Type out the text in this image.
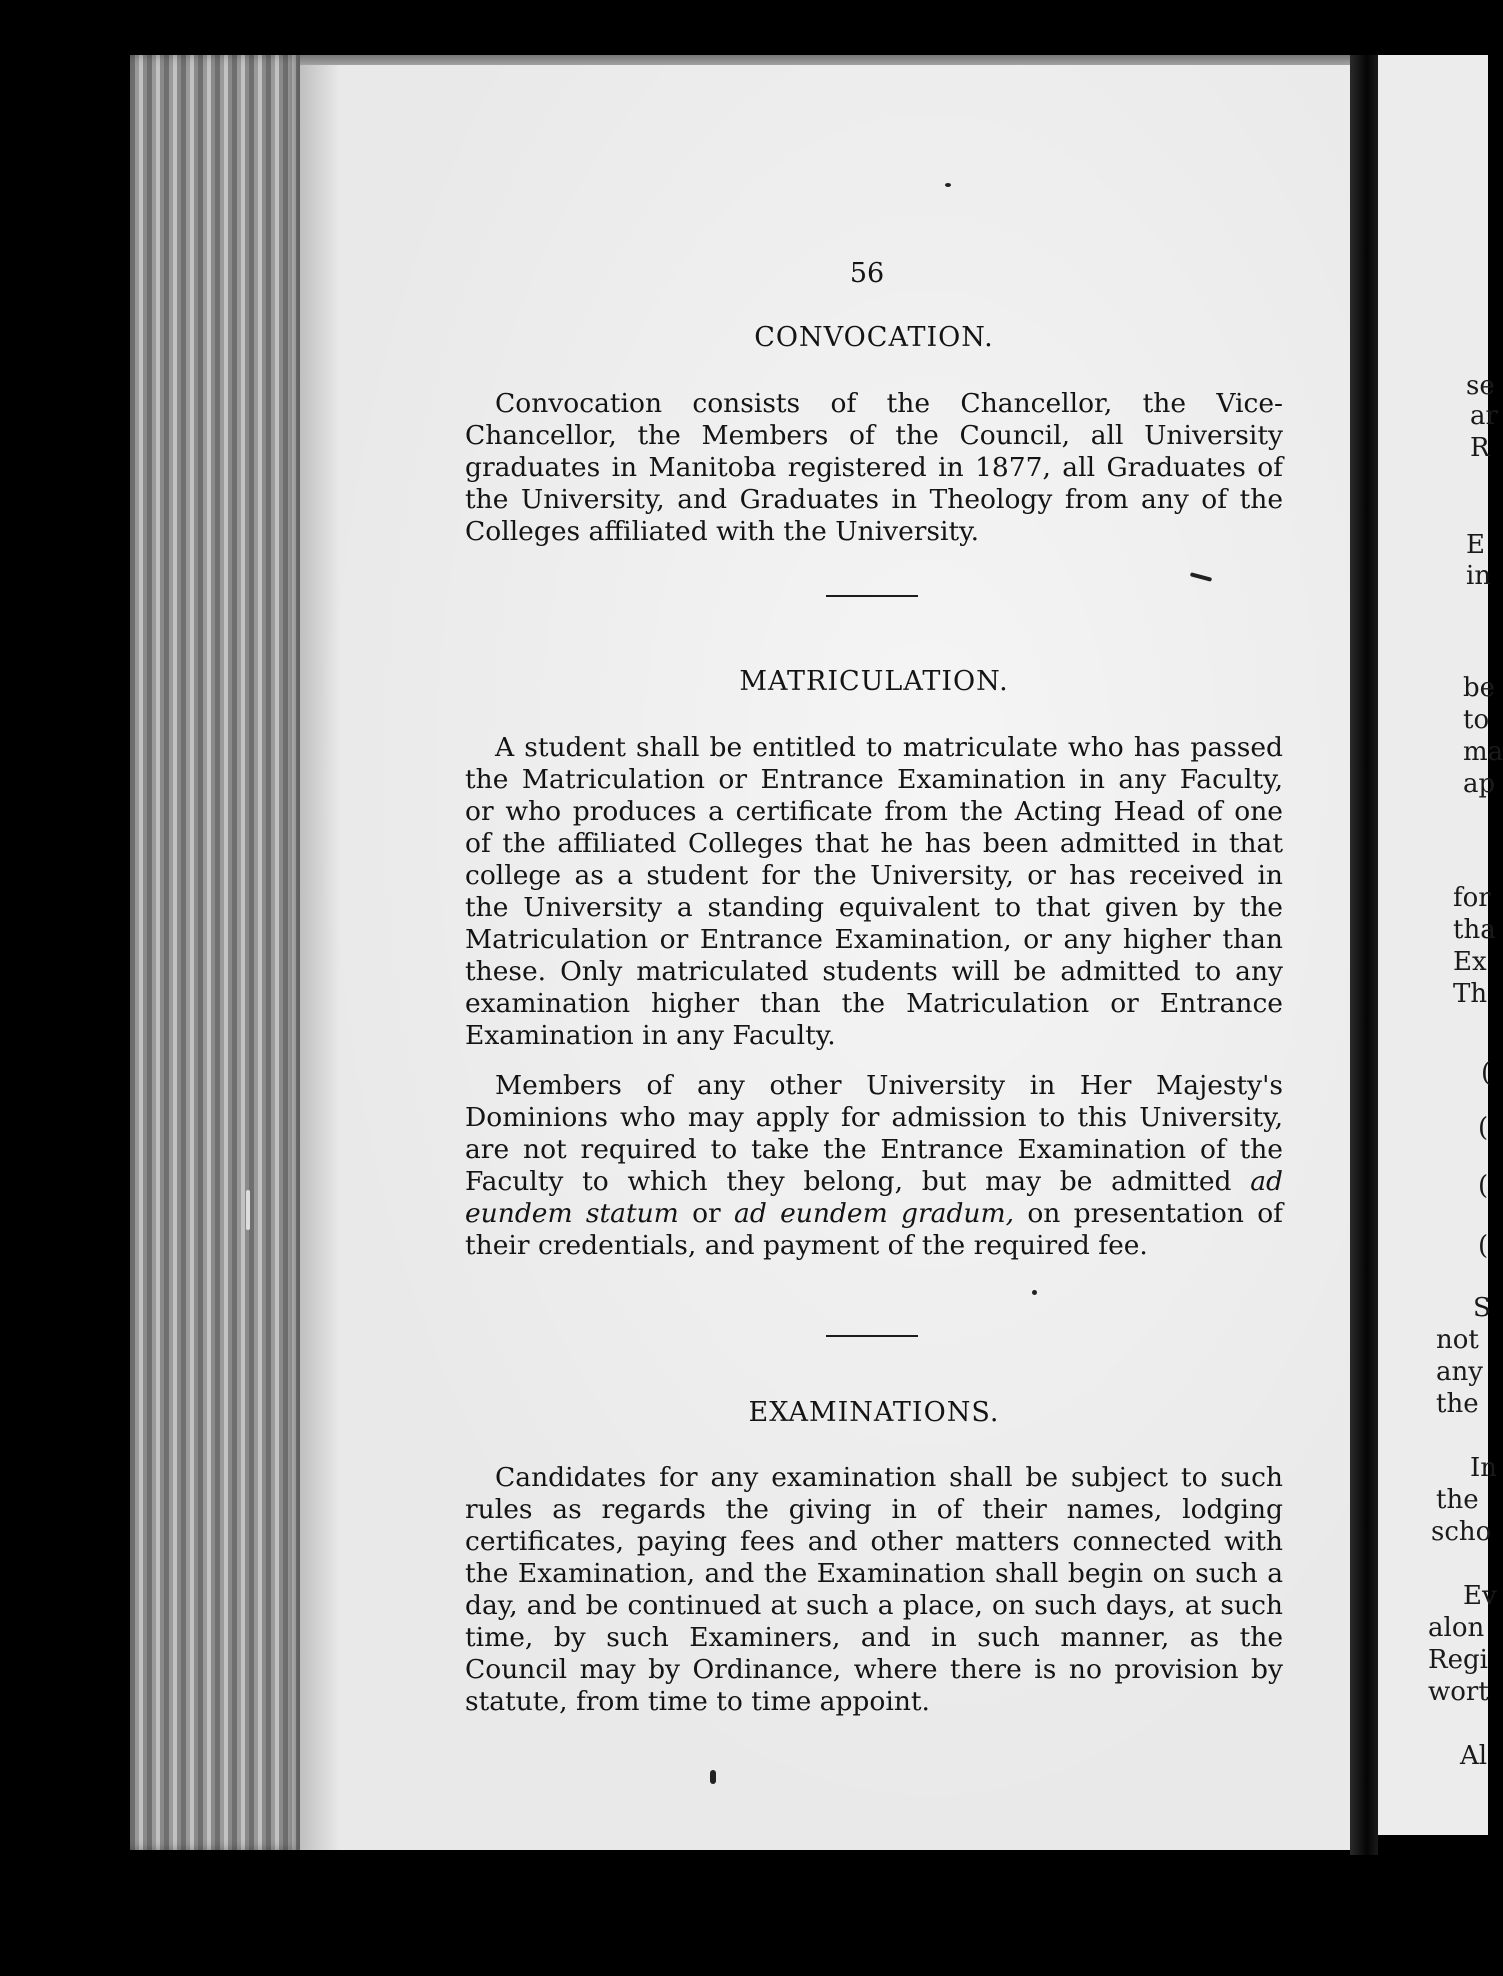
se
ar
R
E
in
be
to
ma
ap
for
tha
Ex
Th
(
(
(
(
S
not
any
the
In
the
scho
Ev
alon
Regi
wort
Al
56
CONVOCATION.

Convocation consists of the Chancellor, the Vice-Chancellor, the Members of the Council, all University graduates in Manitoba registered in 1877, all Graduates of the University, and Graduates in Theology from any of the Colleges affiliated with the University.

MATRICULATION.

A student shall be entitled to matriculate who has passed the Matriculation or Entrance Examination in any Faculty, or who produces a certificate from the Acting Head of one of the affiliated Colleges that he has been admitted in that college as a student for the University, or has received in the University a standing equivalent to that given by the Matriculation or Entrance Examination, or any higher than these. Only matriculated students will be admitted to any examination higher than the Matriculation or Entrance Examination in any Faculty.

Members of any other University in Her Majesty's Dominions who may apply for admission to this University, are not required to take the Entrance Examination of the Faculty to which they belong, but may be admitted ad eundem statum or ad eundem gradum, on presentation of their credentials, and payment of the required fee.

EXAMINATIONS.

Candidates for any examination shall be subject to such rules as regards the giving in of their names, lodging certificates, paying fees and other matters connected with the Examination, and the Examination shall begin on such a day, and be continued at such a place, on such days, at such time, by such Examiners, and in such manner, as the Council may by Ordinance, where there is no provision by statute, from time to time appoint.
